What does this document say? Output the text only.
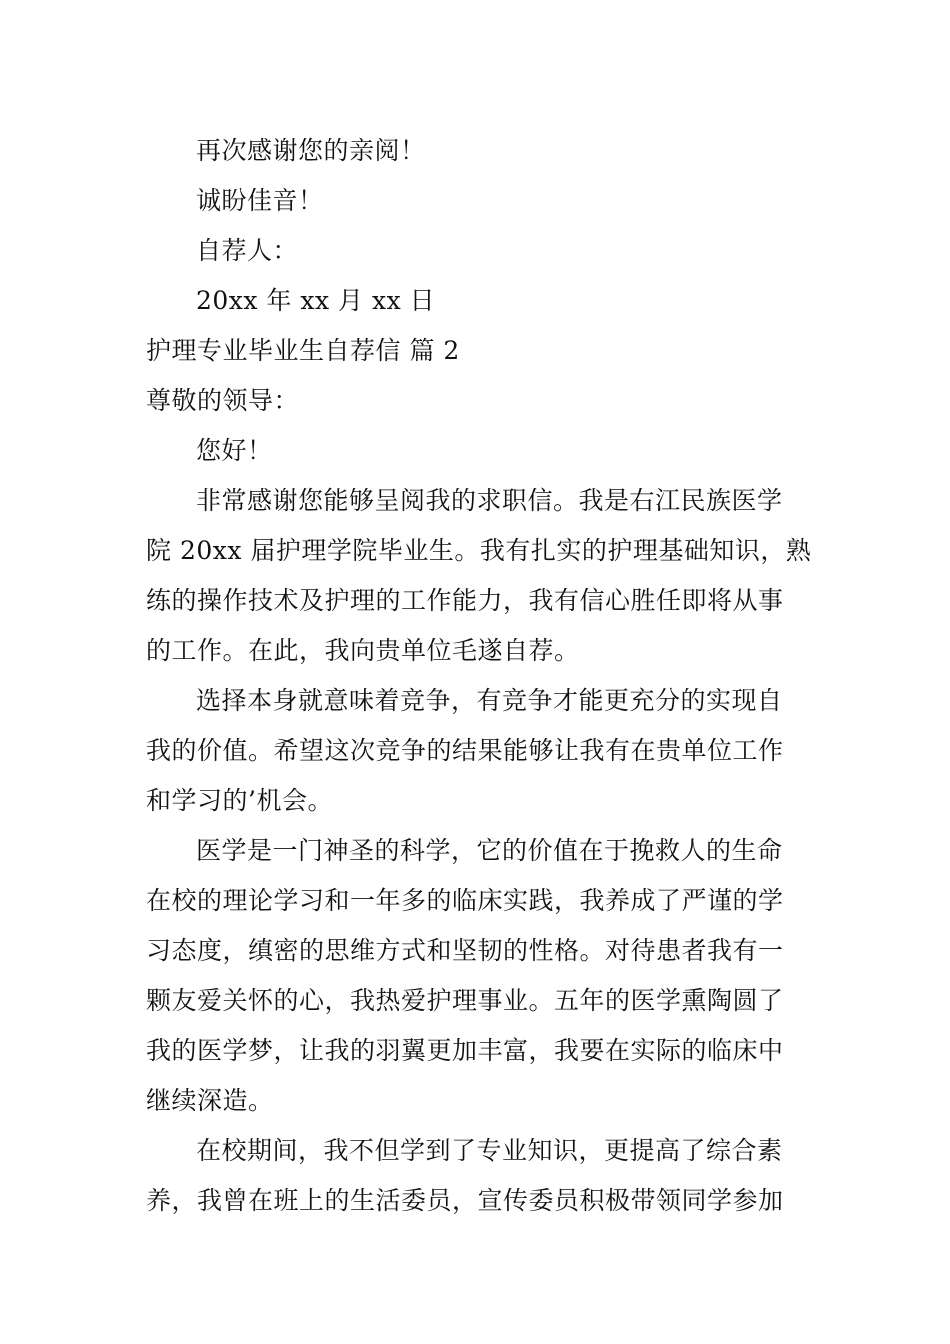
再次感谢您的亲阅！
诚盼佳音！
自荐人：
20xx 年 xx 月 xx 日
护理专业毕业生自荐信 篇 2
尊敬的领导：
您好！
非常感谢您能够呈阅我的求职信。我是右江民族医学
院 20xx 届护理学院毕业生。我有扎实的护理基础知识，熟
练的操作技术及护理的工作能力，我有信心胜任即将从事
的工作。在此，我向贵单位毛遂自荐。
选择本身就意味着竞争，有竞争才能更充分的实现自
我的价值。希望这次竞争的结果能够让我有在贵单位工作
和学习的’机会。
医学是一门神圣的科学，它的价值在于挽救人的生命
在校的理论学习和一年多的临床实践，我养成了严谨的学
习态度，缜密的思维方式和坚韧的性格。对待患者我有一
颗友爱关怀的心，我热爱护理事业。五年的医学熏陶圆了
我的医学梦，让我的羽翼更加丰富，我要在实际的临床中
继续深造。
在校期间，我不但学到了专业知识，更提高了综合素
养，我曾在班上的生活委员，宣传委员积极带领同学参加
